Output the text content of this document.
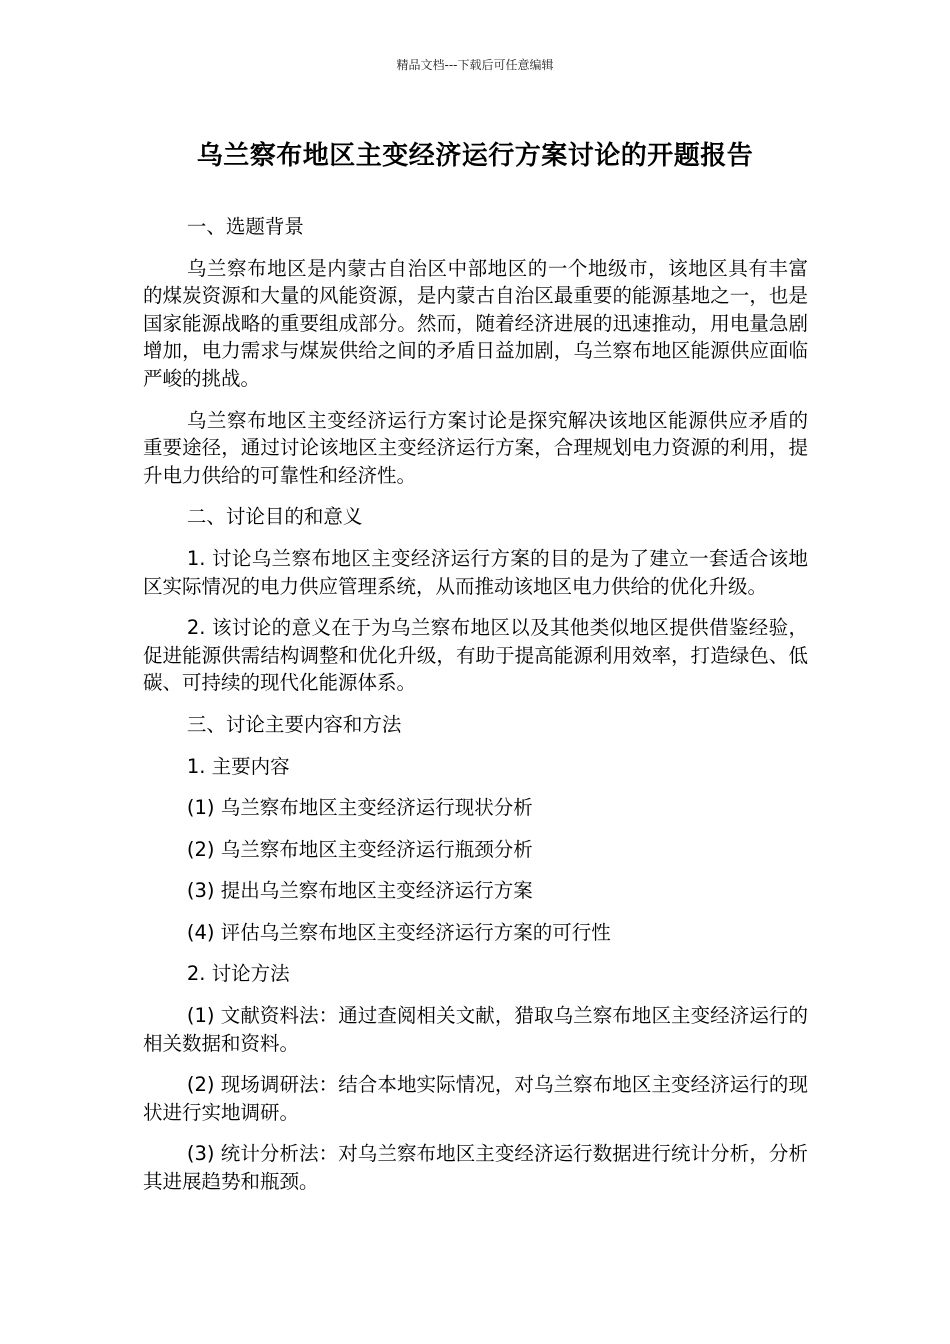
精品文档---下载后可任意编辑
乌兰察布地区主变经济运行方案讨论的开题报告

一、选题背景

乌兰察布地区是内蒙古自治区中部地区的一个地级市，该地区具有丰富的煤炭资源和大量的风能资源，是内蒙古自治区最重要的能源基地之一，也是国家能源战略的重要组成部分。然而，随着经济进展的迅速推动，用电量急剧增加，电力需求与煤炭供给之间的矛盾日益加剧，乌兰察布地区能源供应面临严峻的挑战。

乌兰察布地区主变经济运行方案讨论是探究解决该地区能源供应矛盾的重要途径，通过讨论该地区主变经济运行方案，合理规划电力资源的利用，提升电力供给的可靠性和经济性。

二、讨论目的和意义

1. 讨论乌兰察布地区主变经济运行方案的目的是为了建立一套适合该地区实际情况的电力供应管理系统，从而推动该地区电力供给的优化升级。

2. 该讨论的意义在于为乌兰察布地区以及其他类似地区提供借鉴经验，促进能源供需结构调整和优化升级，有助于提高能源利用效率，打造绿色、低碳、可持续的现代化能源体系。

三、讨论主要内容和方法

1. 主要内容

(1) 乌兰察布地区主变经济运行现状分析

(2) 乌兰察布地区主变经济运行瓶颈分析

(3) 提出乌兰察布地区主变经济运行方案

(4) 评估乌兰察布地区主变经济运行方案的可行性

2. 讨论方法

(1) 文献资料法：通过查阅相关文献，猎取乌兰察布地区主变经济运行的相关数据和资料。

(2) 现场调研法：结合本地实际情况，对乌兰察布地区主变经济运行的现状进行实地调研。

(3) 统计分析法：对乌兰察布地区主变经济运行数据进行统计分析，分析其进展趋势和瓶颈。
